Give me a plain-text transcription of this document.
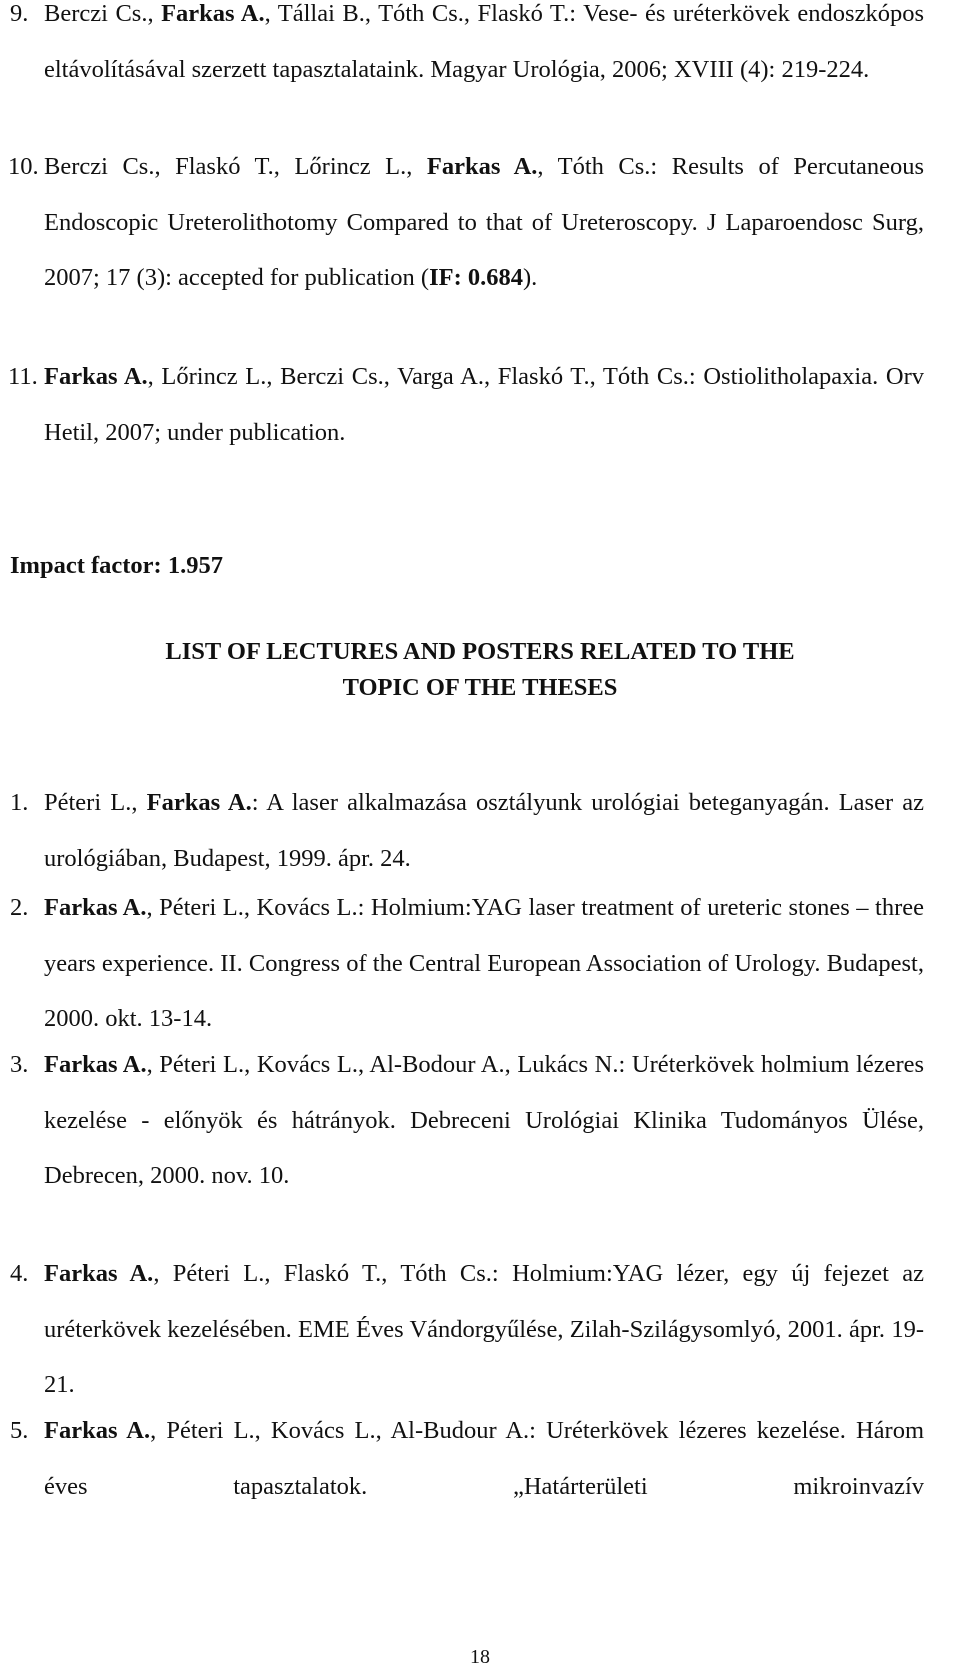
9. Berczi Cs., Farkas A., Tállai B., Tóth Cs., Flaskó T.: Vese- és uréterkövek endoszkópos eltávolításával szerzett tapasztalataink. Magyar Urológia, 2006; XVIII (4): 219-224.
10. Berczi Cs., Flaskó T., Lőrincz L., Farkas A., Tóth Cs.: Results of Percutaneous Endoscopic Ureterolithotomy Compared to that of Ureteroscopy. J Laparoendosc Surg, 2007; 17 (3): accepted for publication (IF: 0.684).
11. Farkas A., Lőrincz L., Berczi Cs., Varga A., Flaskó T., Tóth Cs.: Ostiolitholapaxia. Orv Hetil, 2007; under publication.
Impact factor: 1.957
LIST OF LECTURES AND POSTERS RELATED TO THE
TOPIC OF THE THESES
1. Péteri L., Farkas A.: A laser alkalmazása osztályunk urológiai beteganyagán. Laser az urológiában, Budapest, 1999. ápr. 24.
2. Farkas A., Péteri L., Kovács L.: Holmium:YAG laser treatment of ureteric stones – three years experience. II. Congress of the Central European Association of Urology. Budapest, 2000. okt. 13-14.
3. Farkas A., Péteri L., Kovács L., Al-Bodour A., Lukács N.: Uréterkövek holmium lézeres kezelése - előnyök és hátrányok. Debreceni Urológiai Klinika Tudományos Ülése, Debrecen, 2000. nov. 10.
4. Farkas A., Péteri L., Flaskó T., Tóth Cs.: Holmium:YAG lézer, egy új fejezet az uréterkövek kezelésében. EME Éves Vándorgyűlése, Zilah-Szilágysomlyó, 2001. ápr. 19-21.
5. Farkas A., Péteri L., Kovács L., Al-Budour A.: Uréterkövek lézeres kezelése. Három éves tapasztalatok. „Határterületi mikroinvazív
18
